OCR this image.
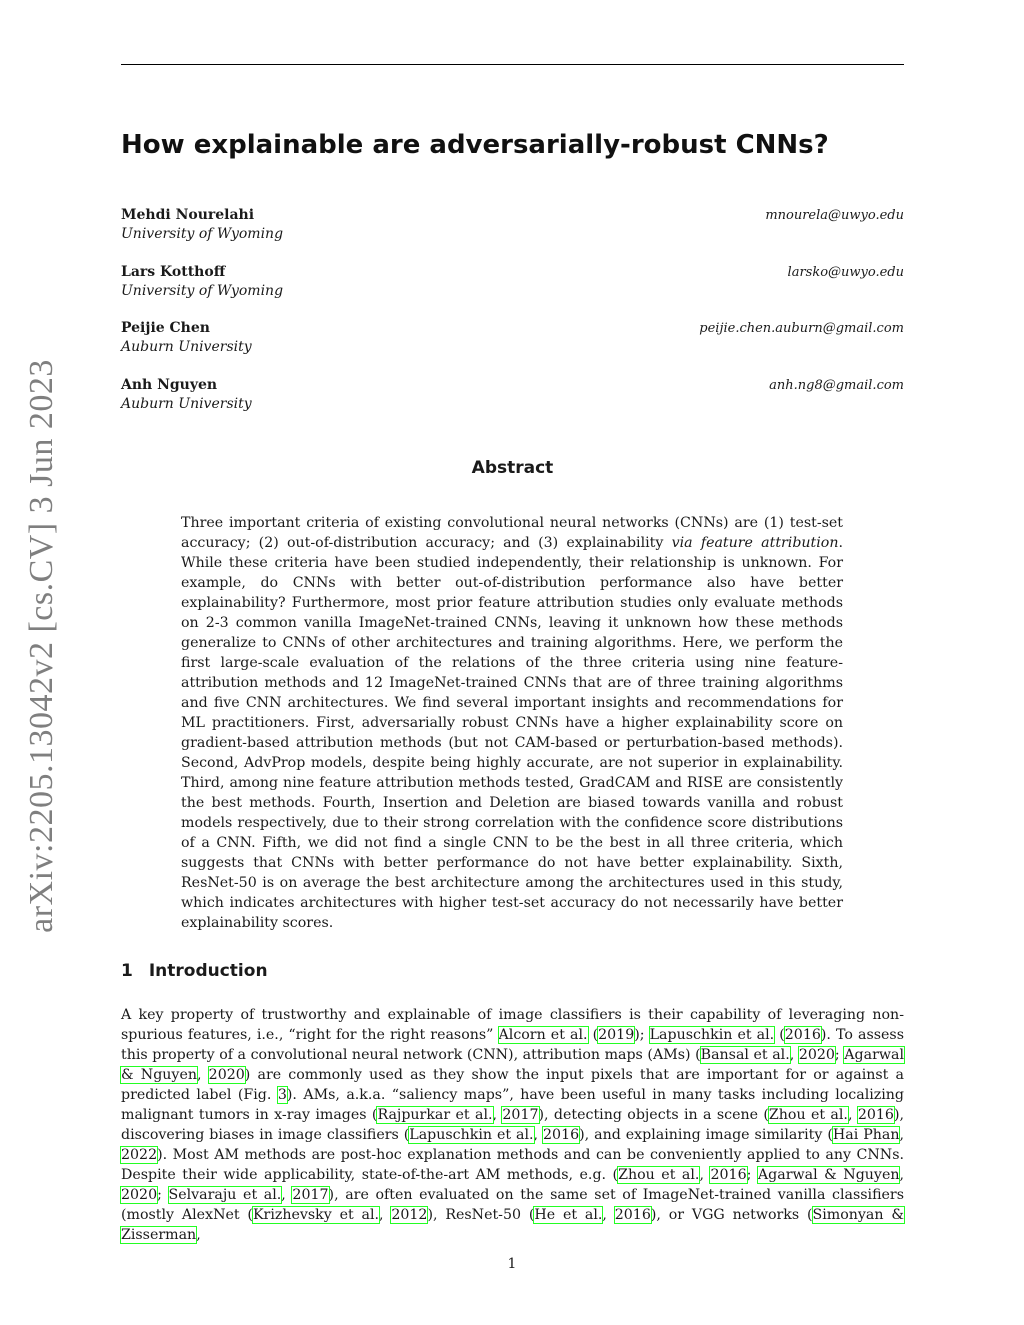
How explainable are adversarially-robust CNNs?
Mehdi Nourelahi
University of Wyoming
mnourela@uwyo.edu
Lars Kotthoff
University of Wyoming
larsko@uwyo.edu
Peijie Chen
Auburn University
peijie.chen.auburn@gmail.com
Anh Nguyen
Auburn University
anh.ng8@gmail.com
arXiv:2205.13042v2 [cs.CV] 3 Jun 2023	Abstract

Three important criteria of existing convolutional neural networks (CNNs) are (1) test-set accuracy; (2) out-of-distribution accuracy; and (3) explainability via feature attribution. While these criteria have been studied independently, their relationship is unknown. For example, do CNNs with better out-of-distribution performance also have better explainability? Furthermore, most prior feature attribution studies only evaluate methods on 2-3 common vanilla ImageNet-trained CNNs, leaving it unknown how these methods generalize to CNNs of other architectures and training algorithms. Here, we perform the first large-scale evaluation of the relations of the three criteria using nine feature-attribution methods and 12 ImageNet-trained CNNs that are of three training algorithms and five CNN architectures. We find several important insights and recommendations for ML practitioners. First, adversarially robust CNNs have a higher explainability score on gradient-based attribution methods (but not CAM-based or perturbation-based methods). Second, AdvProp models, despite being highly accurate, are not superior in explainability. Third, among nine feature attribution methods tested, GradCAM and RISE are consistently the best methods. Fourth, Insertion and Deletion are biased towards vanilla and robust models respectively, due to their strong correlation with the confidence score distributions of a CNN. Fifth, we did not find a single CNN to be the best in all three criteria, which suggests that CNNs with better performance do not have better explainability. Sixth, ResNet-50 is on average the best architecture among the architectures used in this study, which indicates architectures with higher test-set accuracy do not necessarily have better explainability scores.

1 Introduction

A key property of trustworthy and explainable of image classifiers is their capability of leveraging non-spurious features, i.e., “right for the right reasons” Alcorn et al. (2019); Lapuschkin et al. (2016). To assess this property of a convolutional neural network (CNN), attribution maps (AMs) (Bansal et al., 2020; Agarwal & Nguyen, 2020) are commonly used as they show the input pixels that are important for or against a predicted label (Fig. 3). AMs, a.k.a. “saliency maps”, have been useful in many tasks including localizing malignant tumors in x-ray images (Rajpurkar et al., 2017), detecting objects in a scene (Zhou et al., 2016), discovering biases in image classifiers (Lapuschkin et al., 2016), and explaining image similarity (Hai Phan, 2022). Most AM methods are post-hoc explanation methods and can be conveniently applied to any CNNs. Despite their wide applicability, state-of-the-art AM methods, e.g. (Zhou et al., 2016; Agarwal & Nguyen, 2020; Selvaraju et al., 2017), are often evaluated on the same set of ImageNet-trained vanilla classifiers (mostly AlexNet (Krizhevsky et al., 2012), ResNet-50 (He et al., 2016), or VGG networks (Simonyan & Zisserman,

1
